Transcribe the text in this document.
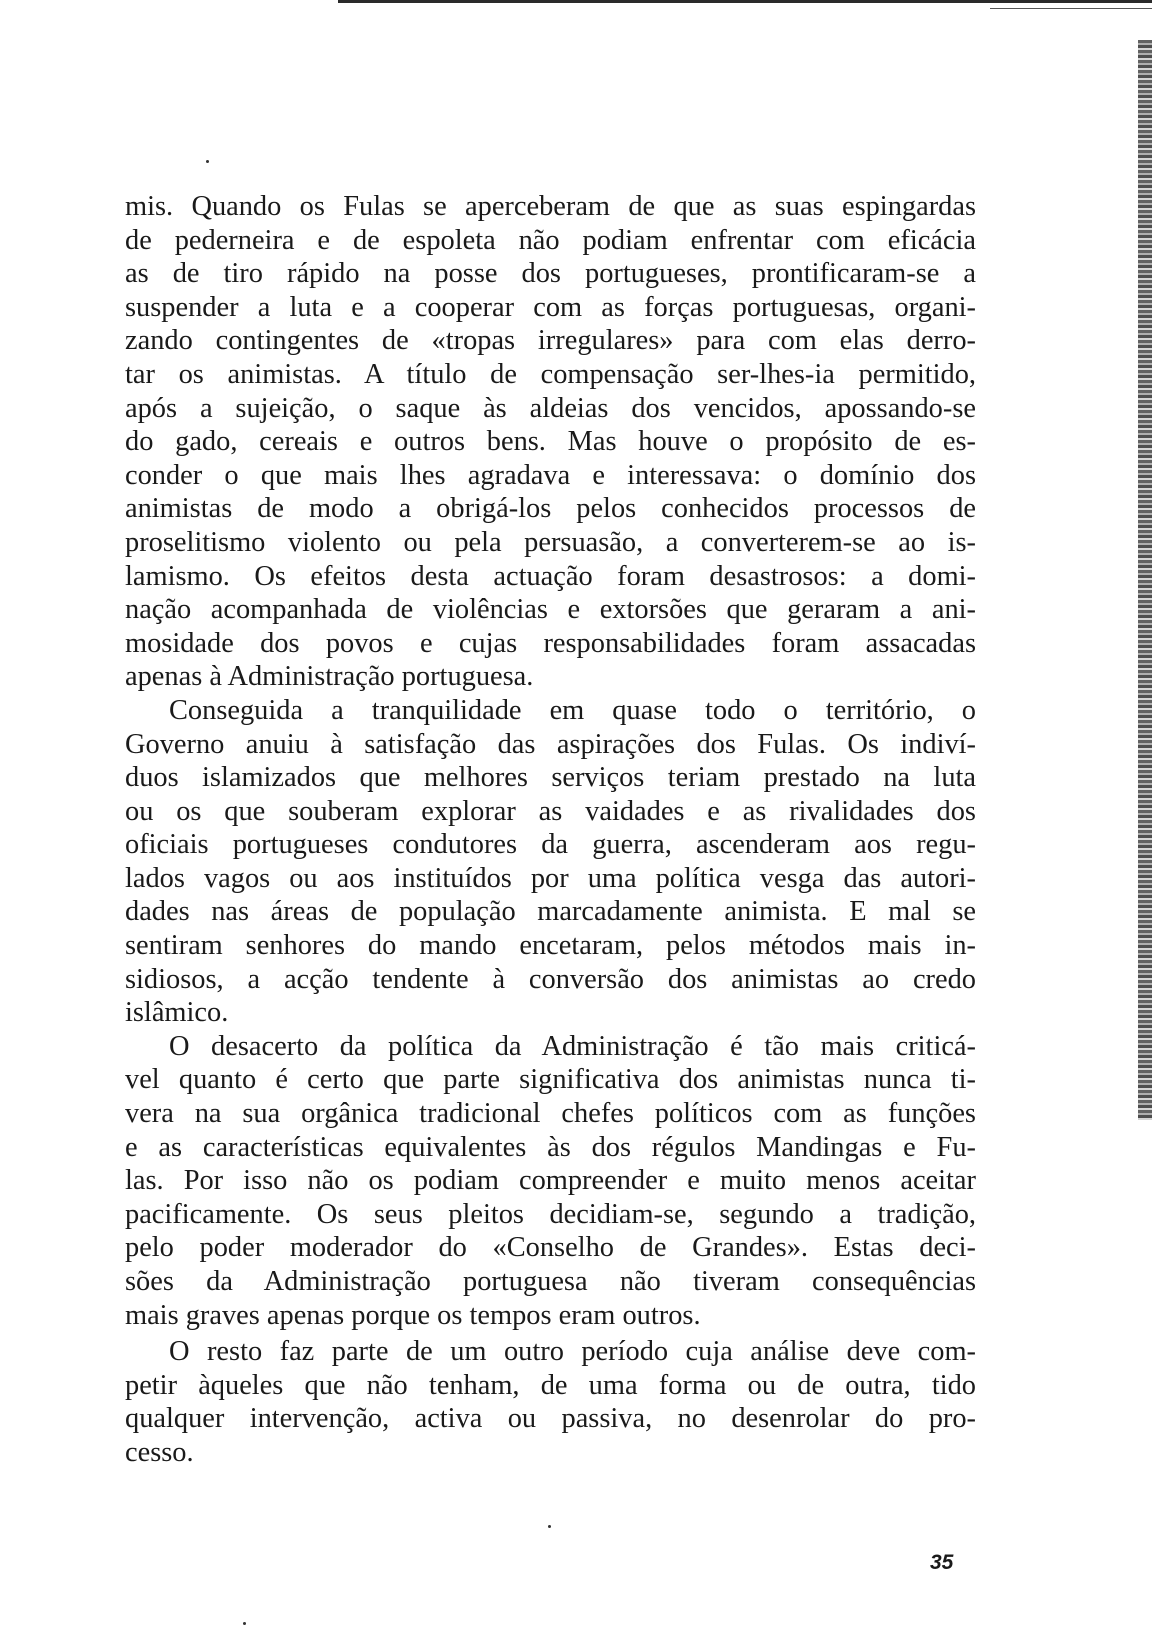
mis. Quando os Fulas se aperceberam de que as suas espingardas
de pederneira e de espoleta não podiam enfrentar com eficácia
as de tiro rápido na posse dos portugueses, prontificaram-se a
suspender a luta e a cooperar com as forças portuguesas, organi-
zando contingentes de «tropas irregulares» para com elas derro-
tar os animistas. A título de compensação ser-lhes-ia permitido,
após a sujeição, o saque às aldeias dos vencidos, apossando-se
do gado, cereais e outros bens. Mas houve o propósito de es-
conder o que mais lhes agradava e interessava: o domínio dos
animistas de modo a obrigá-los pelos conhecidos processos de
proselitismo violento ou pela persuasão, a converterem-se ao is-
lamismo. Os efeitos desta actuação foram desastrosos: a domi-
nação acompanhada de violências e extorsões que geraram a ani-
mosidade dos povos e cujas responsabilidades foram assacadas
apenas à Administração portuguesa.
Conseguida a tranquilidade em quase todo o território, o
Governo anuiu à satisfação das aspirações dos Fulas. Os indiví-
duos islamizados que melhores serviços teriam prestado na luta
ou os que souberam explorar as vaidades e as rivalidades dos
oficiais portugueses condutores da guerra, ascenderam aos regu-
lados vagos ou aos instituídos por uma política vesga das autori-
dades nas áreas de população marcadamente animista. E mal se
sentiram senhores do mando encetaram, pelos métodos mais in-
sidiosos, a acção tendente à conversão dos animistas ao credo
islâmico.
O desacerto da política da Administração é tão mais criticá-
vel quanto é certo que parte significativa dos animistas nunca ti-
vera na sua orgânica tradicional chefes políticos com as funções
e as características equivalentes às dos régulos Mandingas e Fu-
las. Por isso não os podiam compreender e muito menos aceitar
pacificamente. Os seus pleitos decidiam-se, segundo a tradição,
pelo poder moderador do «Conselho de Grandes». Estas deci-
sões da Administração portuguesa não tiveram consequências
mais graves apenas porque os tempos eram outros.
O resto faz parte de um outro período cuja análise deve com-
petir àqueles que não tenham, de uma forma ou de outra, tido
qualquer intervenção, activa ou passiva, no desenrolar do pro-
cesso.
35
